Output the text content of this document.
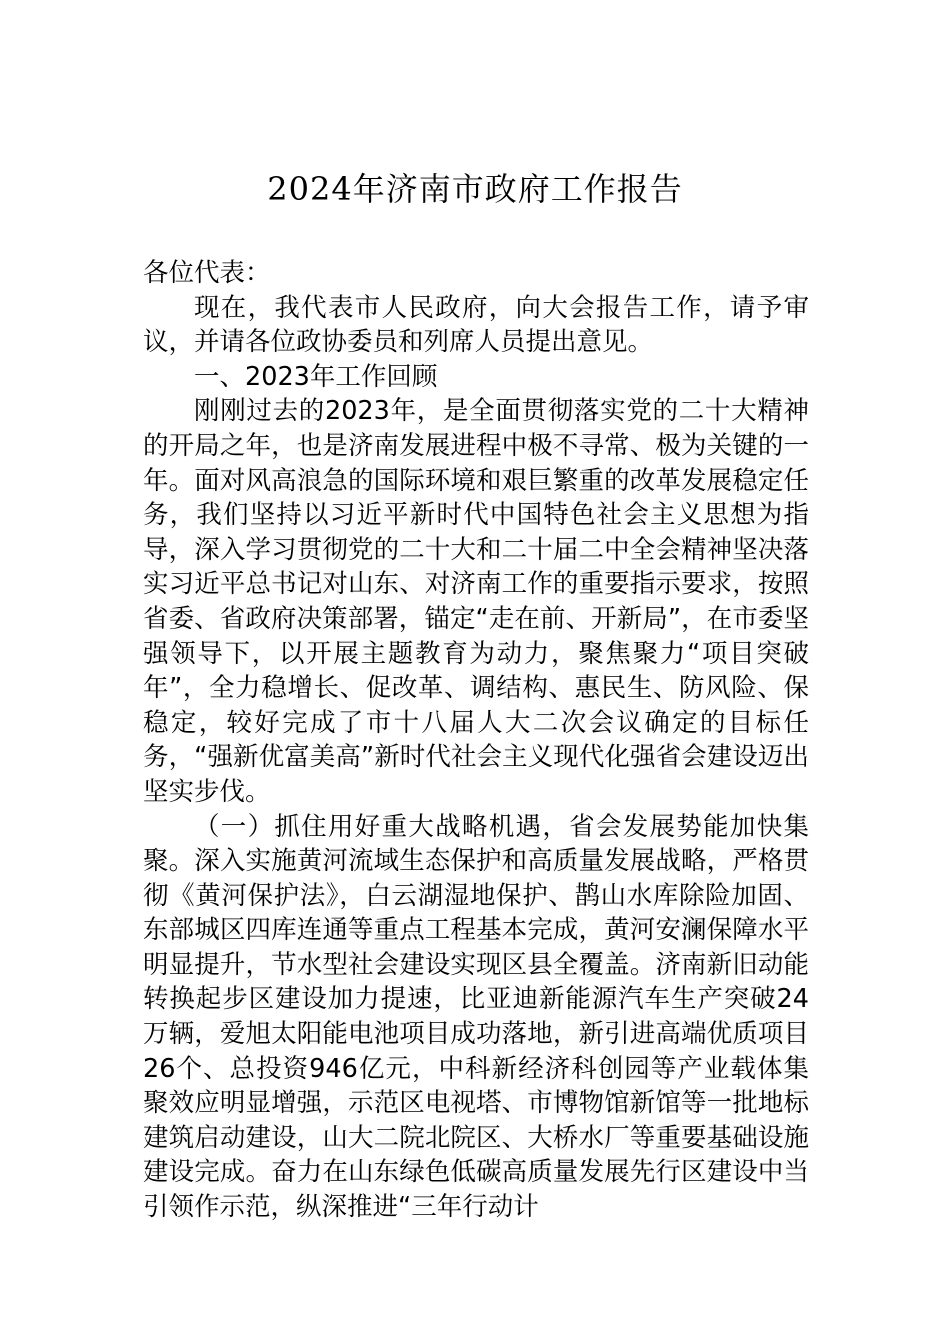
2024年济南市政府工作报告

各位代表：

现在，我代表市人民政府，向大会报告工作，请予审议，并请各位政协委员和列席人员提出意见。

一、2023年工作回顾

刚刚过去的2023年，是全面贯彻落实党的二十大精神的开局之年，也是济南发展进程中极不寻常、极为关键的一年。面对风高浪急的国际环境和艰巨繁重的改革发展稳定任务，我们坚持以习近平新时代中国特色社会主义思想为指导，深入学习贯彻党的二十大和二十届二中全会精神坚决落实习近平总书记对山东、对济南工作的重要指示要求，按照省委、省政府决策部署，锚定“走在前、开新局”，在市委坚强领导下，以开展主题教育为动力，聚焦聚力“项目突破年”，全力稳增长、促改革、调结构、惠民生、防风险、保稳定，较好完成了市十八届人大二次会议确定的目标任务，“强新优富美高”新时代社会主义现代化强省会建设迈出坚实步伐。

（一）抓住用好重大战略机遇，省会发展势能加快集聚。深入实施黄河流域生态保护和高质量发展战略，严格贯彻《黄河保护法》，白云湖湿地保护、鹊山水库除险加固、东部城区四库连通等重点工程基本完成，黄河安澜保障水平明显提升，节水型社会建设实现区县全覆盖。济南新旧动能转换起步区建设加力提速，比亚迪新能源汽车生产突破24万辆，爱旭太阳能电池项目成功落地，新引进高端优质项目26个、总投资946亿元，中科新经济科创园等产业载体集聚效应明显增强，示范区电视塔、市博物馆新馆等一批地标建筑启动建设，山大二院北院区、大桥水厂等重要基础设施建设完成。奋力在山东绿色低碳高质量发展先行区建设中当引领作示范，纵深推进“三年行动计
